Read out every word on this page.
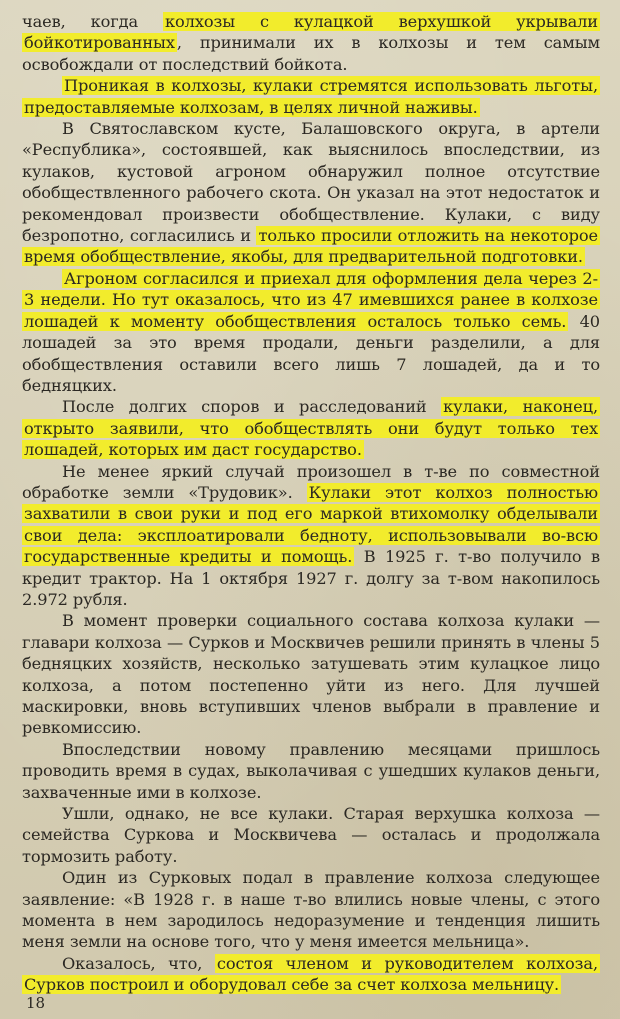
чаев, когда колхозы с кулацкой верхушкой укрывали бойкотированных , принимали их в колхозы и тем самым освобождали от последствий бойкота.

Проникая в колхозы, кулаки стремятся использовать льготы, предоставляемые колхозам, в целях личной наживы.

В Святославском кусте, Балашовского округа, в артели «Республика», состоявшей, как выяснилось впоследствии, из кулаков, кустовой агроном обнаружил полное отсутствие обобществленного рабочего скота. Он указал на этот недостаток и рекомендовал произвести обобществление. Кулаки, с виду безропотно, согласились и только просили отложить на некоторое время обобществление, якобы, для предварительной подготовки.

Агроном согласился и приехал для оформления дела через 2-3 недели. Но тут оказалось, что из 47 имевшихся ранее в колхозе лошадей к моменту обобществления осталось только семь. 40 лошадей за это время продали, деньги разделили, а для обобществления оставили всего лишь 7 лошадей, да и то бедняцких.

После долгих споров и расследований кулаки, наконец, открыто заявили, что обобществлять они будут только тех лошадей, которых им даст государство.

Не менее яркий случай произошел в т-ве по совместной обработке земли «Трудовик». Кулаки этот колхоз полностью захватили в свои руки и под его маркой втихомолку обделывали свои дела: эксплоатировали бедноту, использовывали во-всю государственные кредиты и помощь. В 1925 г. т-во получило в кредит трактор. На 1 октября 1927 г. долгу за т-вом накопилось 2.972 рубля.

В момент проверки социального состава колхоза кулаки — главари колхоза — Сурков и Москвичев решили принять в члены 5 бедняцких хозяйств, несколько затушевать этим кулацкое лицо колхоза, а потом постепенно уйти из него. Для лучшей маскировки, вновь вступивших членов выбрали в правление и ревкомиссию.

Впоследствии новому правлению месяцами пришлось проводить время в судах, выколачивая с ушедших кулаков деньги, захваченные ими в колхозе.

Ушли, однако, не все кулаки. Старая верхушка колхоза — семейства Суркова и Москвичева — осталась и продолжала тормозить работу.

Один из Сурковых подал в правление колхоза следующее заявление: «В 1928 г. в наше т-во влились новые члены, с этого момента в нем зародилось недоразумение и тенденция лишить меня земли на основе того, что у меня имеется мельница».

Оказалось, что, состоя членом и руководителем колхоза, Сурков построил и оборудовал себе за счет колхоза мельницу.

18
